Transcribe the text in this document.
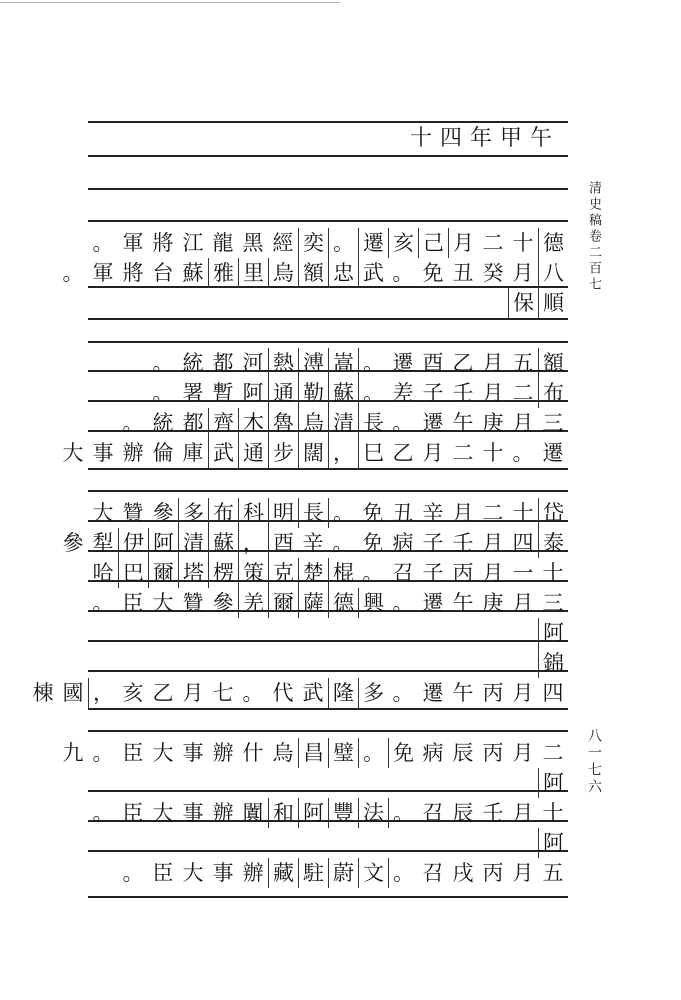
清史稿卷二百七
八一七六
十四年甲午
德
十
二
月
己
亥
遷
。
奕
經
黑
龍
江
將
軍
。
八
月
癸
丑
免
。
武
忠
額
烏
里
雅
蘇
台
將
軍
。
順
保
額
五
月
乙
酉
遷
。
嵩
溥
熱
河
都
統
。
布
二
月
壬
子
差
。
蘇
勒
通
阿
暫
署
。
三
月
庚
午
遷
。
長
清
烏
魯
木
齊
都
統
。
遷
。
十
二
月
乙
巳
，
闊
步
通
武
庫
倫
辦
事
大
岱
十
二
月
辛
丑
免
。
長
明
科
布
多
參
贊
大
泰
四
月
壬
子
病
免
。
辛
酉
，
蘇
清
阿
伊
犁
參
十
一
月
丙
子
召
。
棍
楚
克
策
楞
塔
爾
巴
哈
三
月
庚
午
遷
。
興
德
薩
爾
羌
參
贊
大
臣
。
阿
錦
四
月
丙
午
遷
。
多
隆
武
代
。
七
月
乙
亥
，
國
棟
二
月
丙
辰
病
免
。
璧
昌
烏
什
辦
事
大
臣
。
九
阿
十
月
壬
辰
召
。
法
豐
阿
和
闐
辦
事
大
臣
。
阿
五
月
丙
戌
召
。
文
蔚
駐
藏
辦
事
大
臣
。
